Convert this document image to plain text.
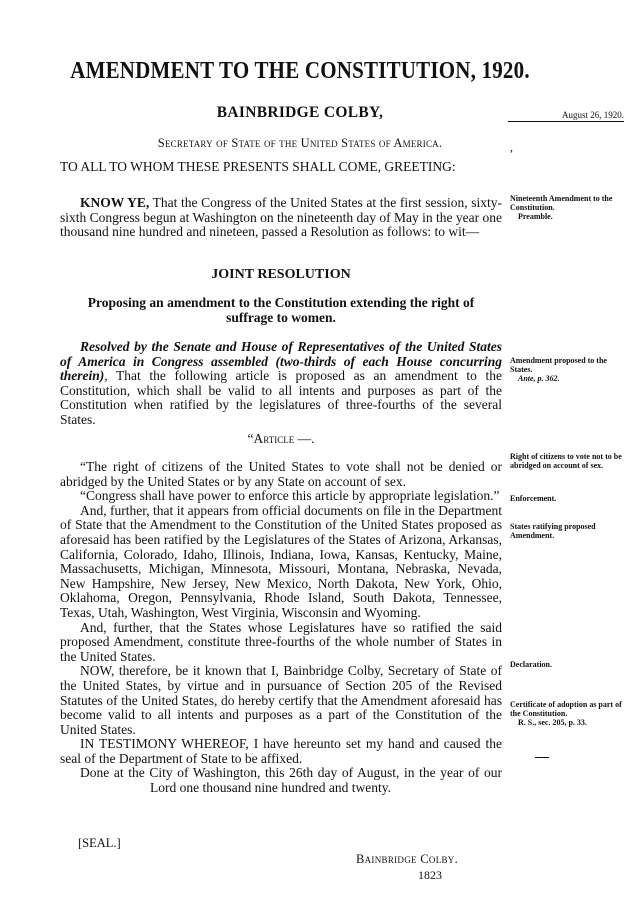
AMENDMENT TO THE CONSTITUTION, 1920.
August 26, 1920.
BAINBRIDGE COLBY,
Secretary of State of the United States of America.	,

TO ALL TO WHOM THESE PRESENTS SHALL COME, GREETING:

KNOW YE, That the Congress of the United States at the first session, sixty-sixth Congress begun at Washington on the nineteenth day of May in the year one thousand nine hundred and nineteen, passed a Resolution as follows: to wit—

JOINT RESOLUTION

Proposing an amendment to the Constitution extending the right of suffrage to women.

Resolved by the Senate and House of Representatives of the United States of America in Congress assembled (two-thirds of each House concurring therein), That the following article is proposed as an amendment to the Constitution, which shall be valid to all intents and purposes as part of the Constitution when ratified by the legislatures of three-fourths of the several States.

“Article —.

“The right of citizens of the United States to vote shall not be denied or abridged by the United States or by any State on account of sex.

“Congress shall have power to enforce this article by appropriate legislation.”

And, further, that it appears from official documents on file in the Department of State that the Amendment to the Constitution of the United States proposed as aforesaid has been ratified by the Legislatures of the States of Arizona, Arkansas, California, Colorado, Idaho, Illinois, Indiana, Iowa, Kansas, Kentucky, Maine, Massachusetts, Michigan, Minnesota, Missouri, Montana, Nebraska, Nevada, New Hampshire, New Jersey, New Mexico, North Dakota, New York, Ohio, Oklahoma, Oregon, Pennsylvania, Rhode Island, South Dakota, Tennessee, Texas, Utah, Washington, West Virginia, Wisconsin and Wyoming.

And, further, that the States whose Legislatures have so ratified the said proposed Amendment, constitute three-fourths of the whole number of States in the United States.

NOW, therefore, be it known that I, Bainbridge Colby, Secretary of State of the United States, by virtue and in pursuance of Section 205 of the Revised Statutes of the United States, do hereby certify that the Amendment aforesaid has become valid to all intents and purposes as a part of the Constitution of the United States.

IN TESTIMONY WHEREOF, I have hereunto set my hand and caused the seal of the Department of State to be affixed.

Done at the City of Washington, this 26th day of August, in the year of our Lord one thousand nine hundred and twenty.

Nineteenth Amendment to the Constitution.
Preamble.
Amendment proposed to the States.
Ante, p. 362.
Right of citizens to vote not to be abridged on account of sex.
Enforcement.
States ratifying proposed Amendment.
Declaration.
Certificate of adoption as part of the Constitution.
R. S., sec. 205, p. 33.
[SEAL.]
Bainbridge Colby.
1823
